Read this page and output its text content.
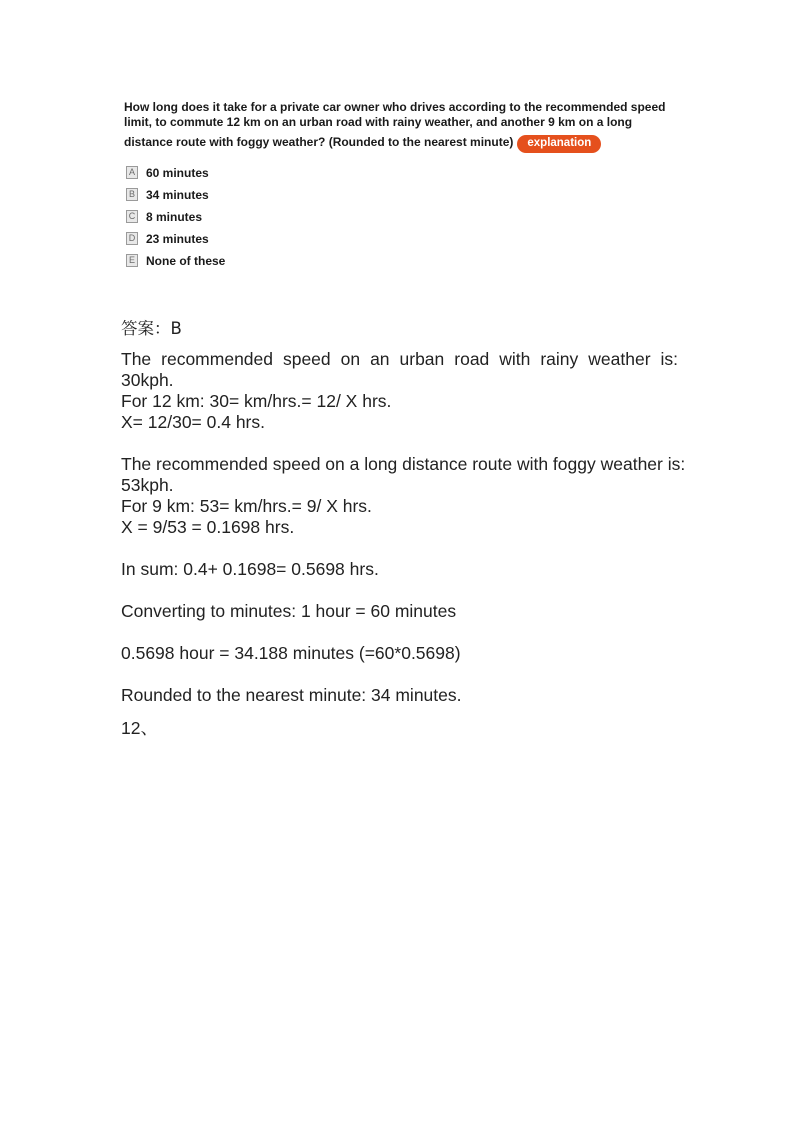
How long does it take for a private car owner who drives according to the recommended speed
limit, to commute 12 km on an urban road with rainy weather, and another 9 km on a long
distance route with foggy weather? (Rounded to the nearest minute) explanation
A 60 minutes
B 34 minutes
C 8 minutes
D 23 minutes
E None of these

答案：B

The recommended speed on an urban road with rainy weather is: 30kph.

For 12 km: 30= km/hrs.= 12/ X hrs.

X= 12/30= 0.4 hrs.

The recommended speed on a long distance route with foggy weather is: 53kph.

For 9 km: 53= km/hrs.= 9/ X hrs.

X = 9/53 = 0.1698 hrs.

In sum: 0.4+ 0.1698= 0.5698 hrs.

Converting to minutes: 1 hour = 60 minutes

0.5698 hour = 34.188 minutes (=60*0.5698)

Rounded to the nearest minute: 34 minutes.

12、
